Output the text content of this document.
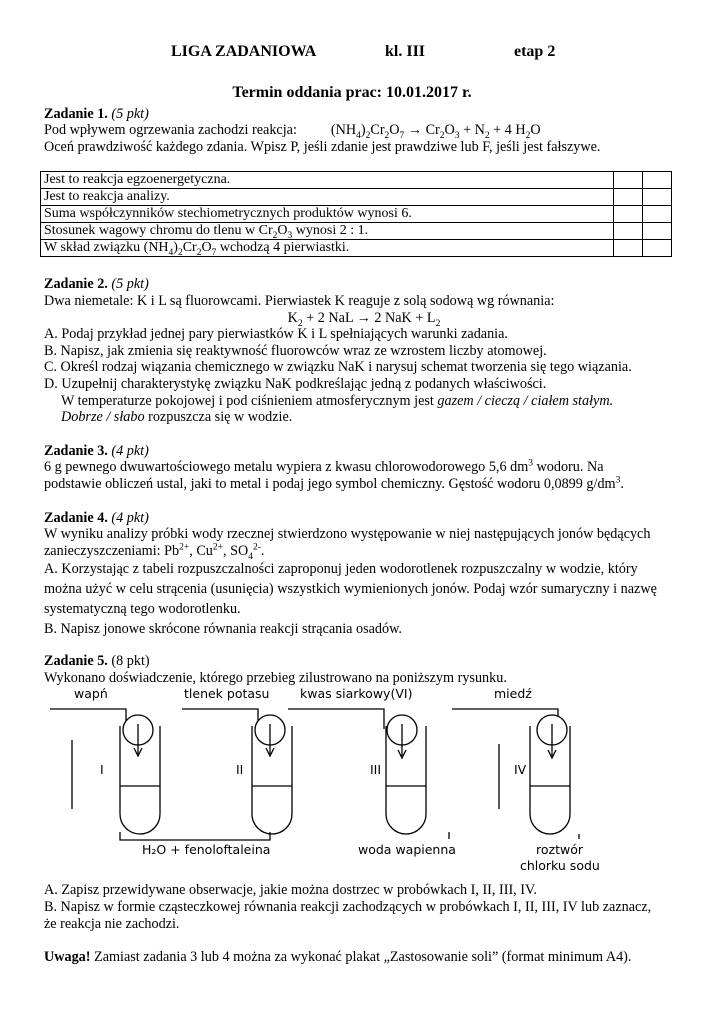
LIGA ZADANIOWA	kl. III	etap 2
Termin oddania prac: 10.01.2017 r.

Zadanie 1. (5 pkt)

Pod wpływem ogrzewania zachodzi reakcja: $(NH_4)_2Cr_2O_7 \to Cr_2O_3 + N_2 + 4$ $H_2O$

Oceń prawdziwość każdego zdania. Wpisz P, jeśli zdanie jest prawdziwe lub F, jeśli jest fałszywe.

Jest to reakcja egzoenergetyczna.		
Jest to reakcja analizy.		
Suma współczynników stechiometrycznych produktów wynosi 6.		
Stosunek wagowy chromu do tlenu w $Cr_2O_3$ wynosi 2 : 1.		
W skład związku $(NH_4)_2Cr_2O_7$ wchodzą 4 pierwiastki.		

Zadanie 2. (5 pkt)

Dwa niemetale: K i L są fluorowcami. Pierwiastek K reaguje z solą sodową wg równania:

$K_2 + 2$ NaL → 2 NaK + $L_2$

A. Podaj przykład jednej pary pierwiastków K i L spełniających warunki zadania.

B. Napisz, jak zmienia się reaktywność fluorowców wraz ze wzrostem liczby atomowej.

C. Określ rodzaj wiązania chemicznego w związku NaK i narysuj schemat tworzenia się tego wiązania.

D. Uzupełnij charakterystykę związku NaK podkreślając jedną z podanych właściwości.

W temperaturze pokojowej i pod ciśnieniem atmosferycznym jest gazem / cieczą / ciałem stałym.

Dobrze / słabo rozpuszcza się w wodzie.

Zadanie 3. (4 pkt)

6 g pewnego dwuwartościowego metalu wypiera z kwasu chlorowodorowego 5,6 $dm^3$ wodoru. Na

podstawie obliczeń ustal, jaki to metal i podaj jego symbol chemiczny. Gęstość wodoru 0,0899 $g/dm^3$.

Zadanie 4. (4 pkt)

W wyniku analizy próbki wody rzecznej stwierdzono występowanie w niej następujących jonów będących

zanieczyszczeniami: $Pb^{2+}$, $Cu^{2+}$, $SO_4^{2-}$.

A. Korzystając z tabeli rozpuszczalności zaproponuj jeden wodorotlenek rozpuszczalny w wodzie, który

można użyć w celu strącenia (usunięcia) wszystkich wymienionych jonów. Podaj wzór sumaryczny i nazwę

systematyczną tego wodorotlenku.

B. Napisz jonowe skrócone równania reakcji strącania osadów.

Zadanie 5. (8 pkt)

Wykonano doświadczenie, którego przebieg zilustrowano na poniższym rysunku.

wapń	tlenek potasu kwas siarkowy(VI)	miedź
I	II	III	IV
H₂O + fenoloftaleina	woda wapienna	roztwór
chlorku sodu

A. Zapisz przewidywane obserwacje, jakie można dostrzec w probówkach I, II, III, IV.

B. Napisz w formie cząsteczkowej równania reakcji zachodzących w probówkach I, II, III, IV lub zaznacz,

że reakcja nie zachodzi.

Uwaga! Zamiast zadania 3 lub 4 można za wykonać plakat „Zastosowanie soli” (format minimum A4).
